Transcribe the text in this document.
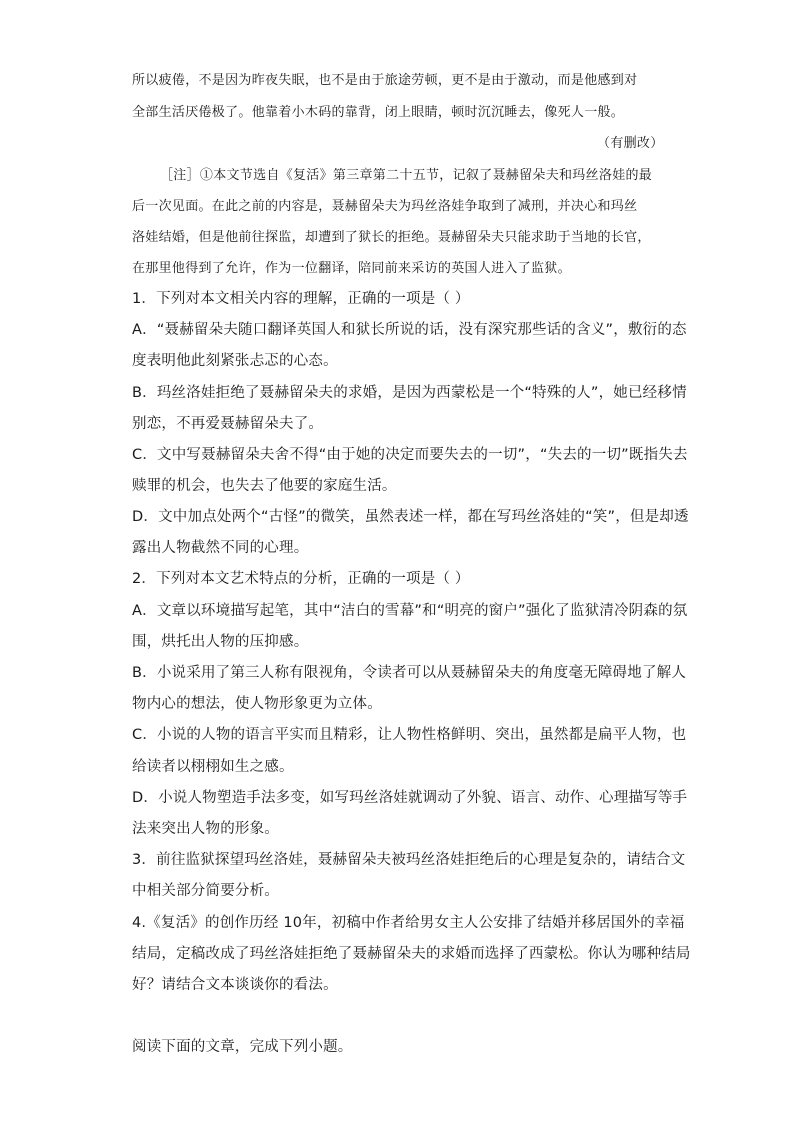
所以疲倦，不是因为昨夜失眠，也不是由于旅途劳顿，更不是由于激动，而是他感到对
全部生活厌倦极了。他靠着小木码的靠背，闭上眼睛，顿时沉沉睡去，像死人一般。
（有删改）
［注］①本文节选自《复活》第三章第二十五节，记叙了聂赫留朵夫和玛丝洛娃的最
后一次见面。在此之前的内容是，聂赫留朵夫为玛丝洛娃争取到了减刑，并决心和玛丝
洛娃结婚，但是他前往探监，却遭到了狱长的拒绝。聂赫留朵夫只能求助于当地的长官，
在那里他得到了允许，作为一位翻译，陪同前来采访的英国人进入了监狱。
1．下列对本文相关内容的理解，正确的一项是（ ）
A．“聂赫留朵夫随口翻译英国人和狱长所说的话，没有深究那些话的含义”，敷衍的态
度表明他此刻紧张忐忑的心态。
B．玛丝洛娃拒绝了聂赫留朵夫的求婚，是因为西蒙松是一个“特殊的人”，她已经移情
别恋，不再爱聂赫留朵夫了。
C．文中写聂赫留朵夫舍不得“由于她的决定而要失去的一切”，“失去的一切”既指失去
赎罪的机会，也失去了他要的家庭生活。
D．文中加点处两个“古怪”的微笑，虽然表述一样，都在写玛丝洛娃的“笑”，但是却透
露出人物截然不同的心理。
2．下列对本文艺术特点的分析，正确的一项是（ ）
A．文章以环境描写起笔，其中“洁白的雪幕”和“明亮的窗户”强化了监狱清冷阴森的氛
围，烘托出人物的压抑感。
B．小说采用了第三人称有限视角，令读者可以从聂赫留朵夫的角度毫无障碍地了解人
物内心的想法，使人物形象更为立体。
C．小说的人物的语言平实而且精彩，让人物性格鲜明、突出，虽然都是扁平人物，也
给读者以栩栩如生之感。
D．小说人物塑造手法多变，如写玛丝洛娃就调动了外貌、语言、动作、心理描写等手
法来突出人物的形象。
3．前往监狱探望玛丝洛娃，聂赫留朵夫被玛丝洛娃拒绝后的心理是复杂的，请结合文
中相关部分简要分析。
4.《复活》的创作历经 10年，初稿中作者给男女主人公安排了结婚并移居国外的幸福
结局，定稿改成了玛丝洛娃拒绝了聂赫留朵夫的求婚而选择了西蒙松。你认为哪种结局
好？请结合文本谈谈你的看法。
阅读下面的文章，完成下列小题。
